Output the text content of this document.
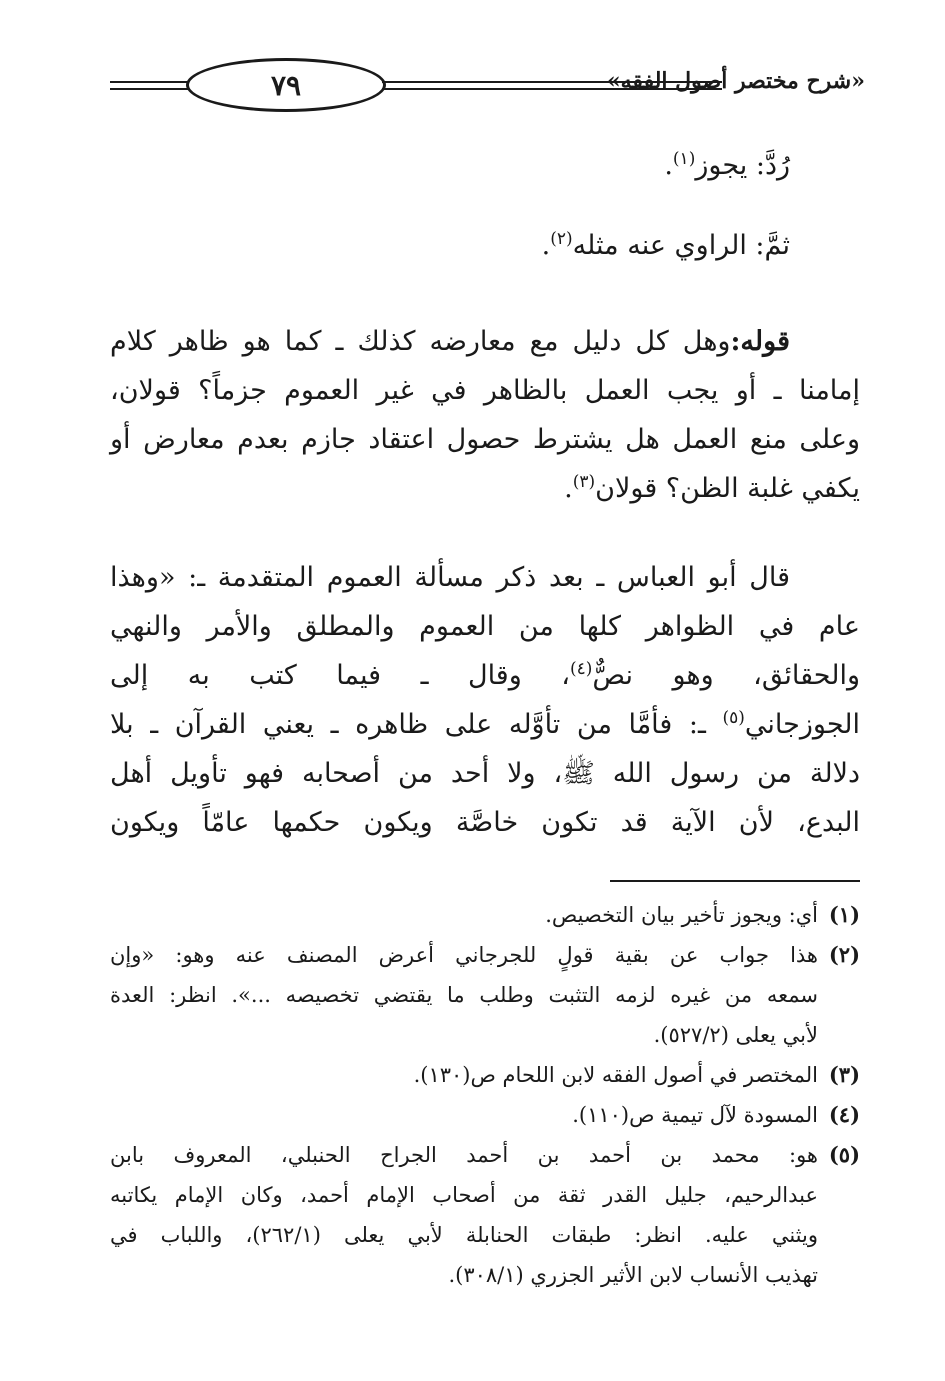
٧٩	«شرح مختصر أصول الفقه»
رُدَّ: يجوز$^{(١)}$.
ثمَّ: الراوي عنه مثله$^{(٢)}$.
قوله:وهل كل دليل مع معارضه كذلك ـ كما هو ظاهر كلام
إمامنا ـ أو يجب العمل بالظاهر في غير العموم جزماً؟ قولان،
وعلى منع العمل هل يشترط حصول اعتقاد جازم بعدم معارض أو
يكفي غلبة الظن؟ قولان$^{(٣)}$.
قال أبو العباس ـ بعد ذكر مسألة العموم المتقدمة ـ: «وهذا
عام في الظواهر كلها من العموم والمطلق والأمر والنهي
والحقائق، وهو نصٌّ$^{(٤)}$، وقال ـ فيما كتب به إلى
الجوزجاني$^{(٥)}$ ـ: فأمَّا من تأوَّله على ظاهره ـ يعني القرآن ـ بلا
دلالة من رسول الله ﷺ، ولا أحد من أصحابه فهو تأويل أهل
البدع، لأن الآية قد تكون خاصَّة ويكون حكمها عامّاً ويكون
(١)
أي: ويجوز تأخير بيان التخصيص.
(٢)
هذا جواب عن بقية قولٍ للجرجاني أعرض المصنف عنه وهو: «وإن
سمعه من غيره لزمه التثبت وطلب ما يقتضي تخصيصه ...». انظر: العدة
لأبي يعلى (٥٢٧/٢).
(٣)
المختصر في أصول الفقه لابن اللحام ص(١٣٠).
(٤)
المسودة لآل تيمية ص(١١٠).
(٥)
هو: محمد بن أحمد بن أحمد الجراح الحنبلي، المعروف بابن
عبدالرحيم، جليل القدر ثقة من أصحاب الإمام أحمد، وكان الإمام يكاتبه
ويثني عليه. انظر: طبقات الحنابلة لأبي يعلى (٢٦٢/١)، واللباب في
تهذيب الأنساب لابن الأثير الجزري (٣٠٨/١).
